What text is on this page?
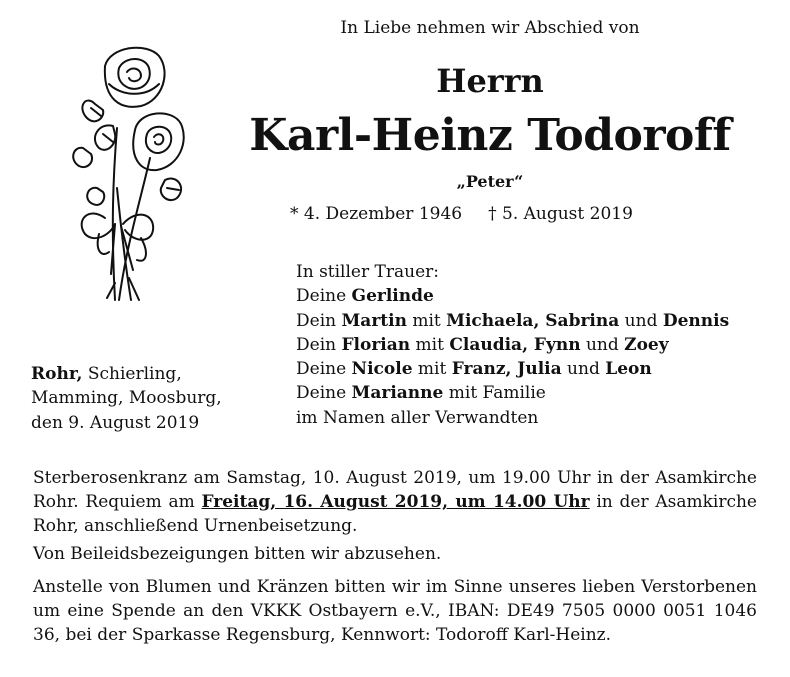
In Liebe nehmen wir Abschied von
Herrn
Karl-Heinz Todoroff
„Peter“
* 4. Dezember 1946 † 5. August 2019
In stiller Trauer:
Deine Gerlinde
Dein Martin mit Michaela, Sabrina und Dennis
Dein Florian mit Claudia, Fynn und Zoey
Deine Nicole mit Franz, Julia und Leon
Deine Marianne mit Familie
im Namen aller Verwandten
Rohr, Schierling,
Mamming, Moosburg,
den 9. August 2019

Sterberosenkranz am Samstag, 10. August 2019, um 19.00 Uhr in der Asamkirche Rohr. Requiem am Freitag, 16. August 2019, um 14.00 Uhr in der Asamkirche Rohr, anschließend Urnenbeisetzung.

Von Beileidsbezeigungen bitten wir abzusehen.

Anstelle von Blumen und Kränzen bitten wir im Sinne unseres lieben Verstorbenen um eine Spende an den VKKK Ostbayern e.V., IBAN: DE49 7505 0000 0051 1046 36, bei der Sparkasse Regensburg, Kennwort: Todoroff Karl-Heinz.
